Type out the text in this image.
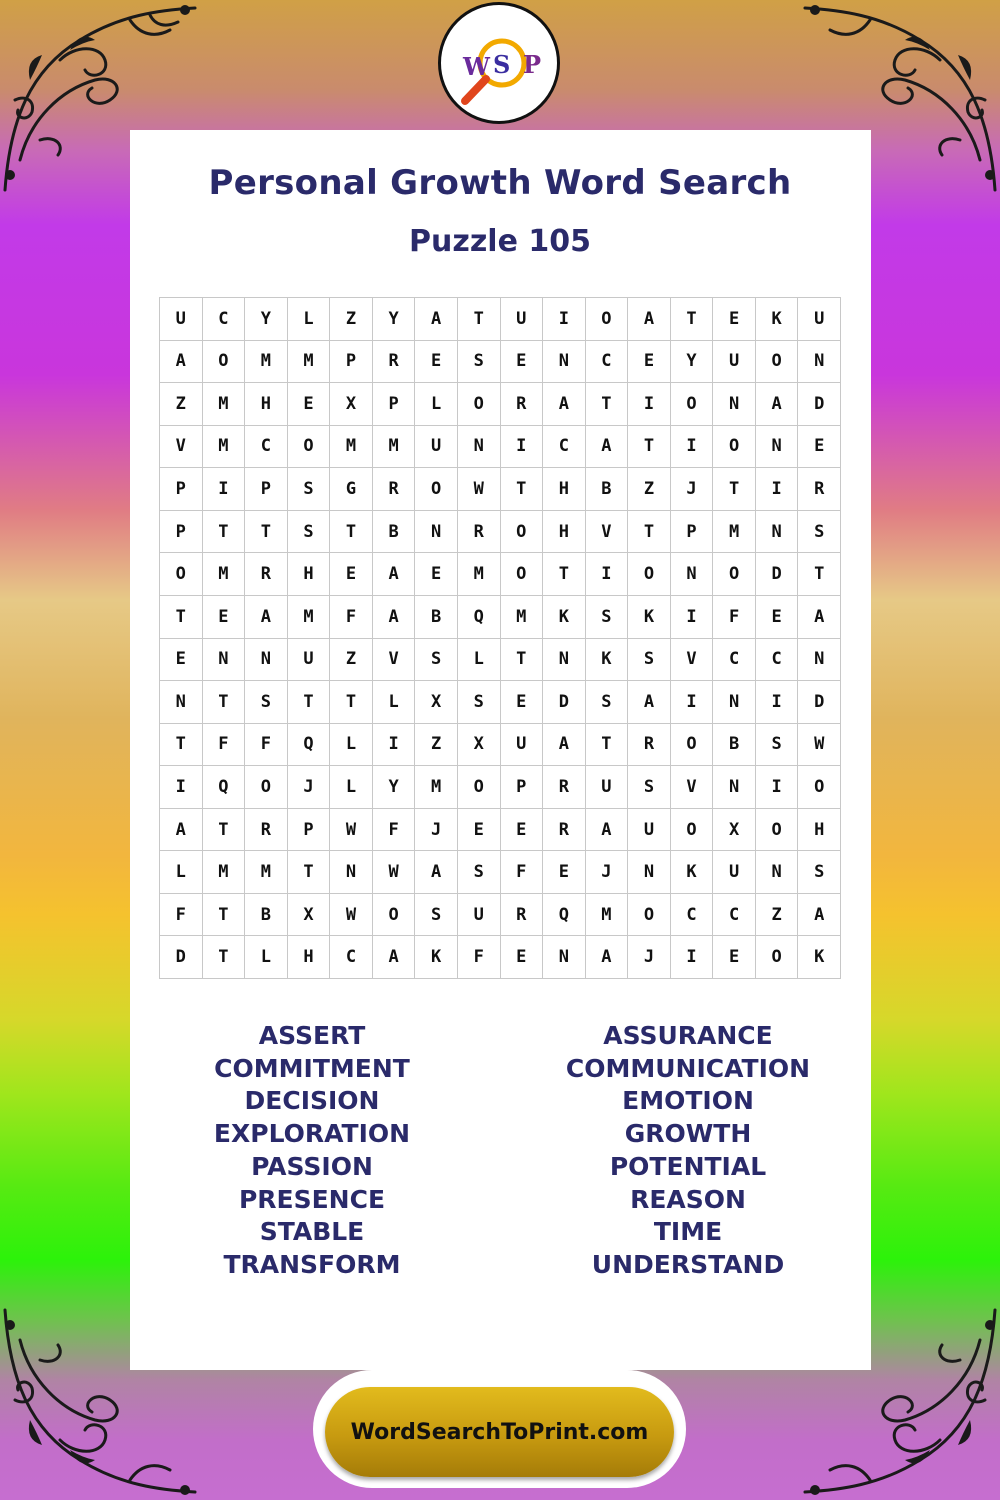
W S P
Personal Growth Word Search
Puzzle 105
U	C	Y	L	Z	Y	A	T	U	I	O	A	T	E	K	U
A	O	M	M	P	R	E	S	E	N	C	E	Y	U	O	N
Z	M	H	E	X	P	L	O	R	A	T	I	O	N	A	D
V	M	C	O	M	M	U	N	I	C	A	T	I	O	N	E
P	I	P	S	G	R	O	W	T	H	B	Z	J	T	I	R
P	T	T	S	T	B	N	R	O	H	V	T	P	M	N	S
O	M	R	H	E	A	E	M	O	T	I	O	N	O	D	T
T	E	A	M	F	A	B	Q	M	K	S	K	I	F	E	A
E	N	N	U	Z	V	S	L	T	N	K	S	V	C	C	N
N	T	S	T	T	L	X	S	E	D	S	A	I	N	I	D
T	F	F	Q	L	I	Z	X	U	A	T	R	O	B	S	W
I	Q	O	J	L	Y	M	O	P	R	U	S	V	N	I	O
A	T	R	P	W	F	J	E	E	R	A	U	O	X	O	H
L	M	M	T	N	W	A	S	F	E	J	N	K	U	N	S
F	T	B	X	W	O	S	U	R	Q	M	O	C	C	Z	A
D	T	L	H	C	A	K	F	E	N	A	J	I	E	O	K
ASSERT
COMMITMENT
DECISION
EXPLORATION
PASSION
PRESENCE
STABLE
TRANSFORM
ASSURANCE
COMMUNICATION
EMOTION
GROWTH
POTENTIAL
REASON
TIME
UNDERSTAND
WordSearchToPrint.com
